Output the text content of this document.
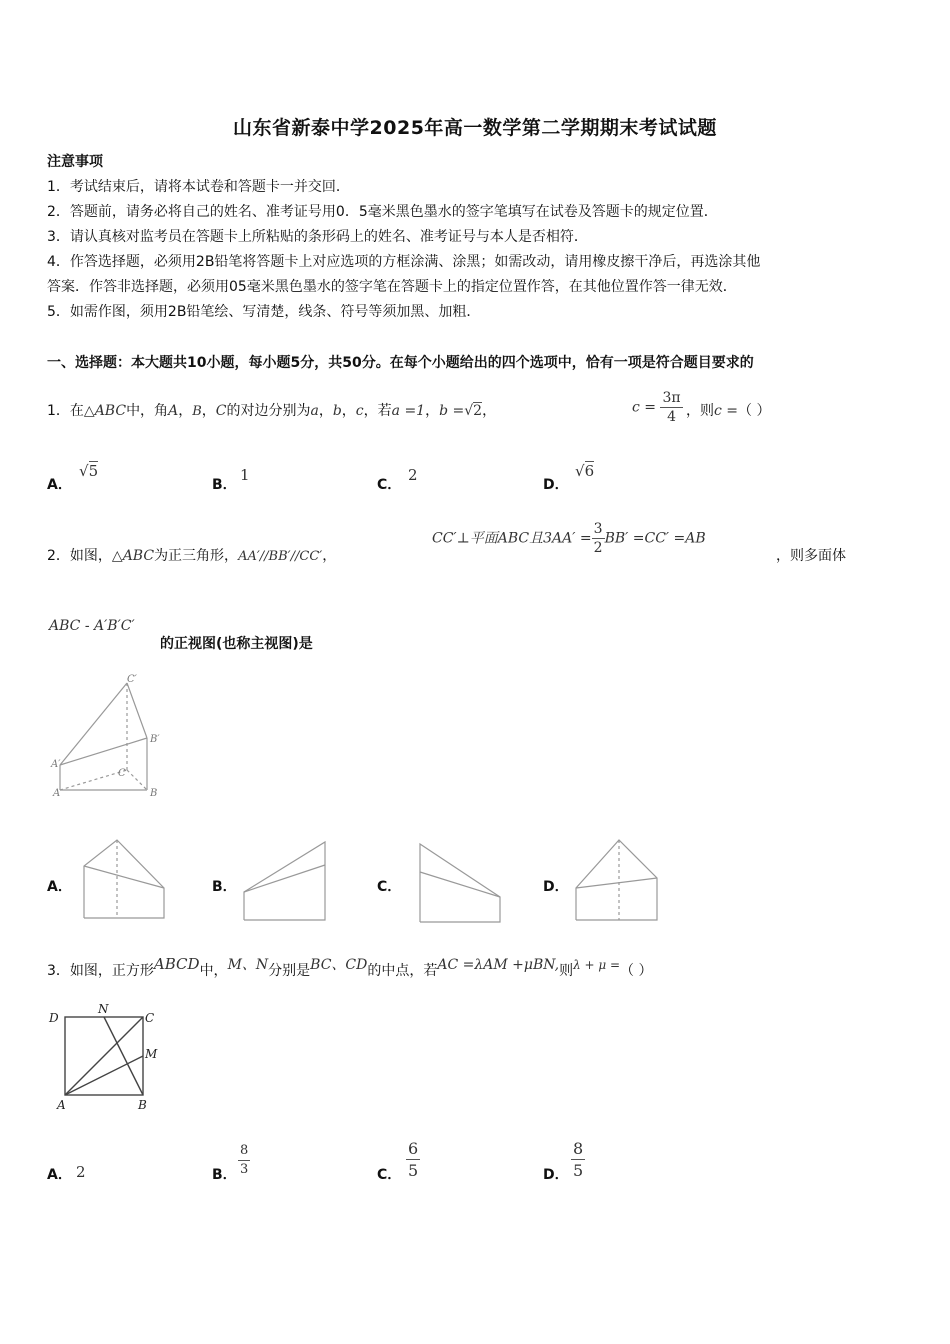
山东省新泰中学2025年高一数学第二学期期末考试试题
注意事项
1．考试结束后，请将本试卷和答题卡一并交回．
2．答题前，请务必将自己的姓名、准考证号用0．5毫米黑色墨水的签字笔填写在试卷及答题卡的规定位置．
3．请认真核对监考员在答题卡上所粘贴的条形码上的姓名、准考证号与本人是否相符．
4．作答选择题，必须用2B铅笔将答题卡上对应选项的方框涂满、涂黑；如需改动，请用橡皮擦干净后，再选涂其他
答案．作答非选择题，必须用05毫米黑色墨水的签字笔在答题卡上的指定位置作答，在其他位置作答一律无效．
5．如需作图，须用2B铅笔绘、写清楚，线条、符号等须加黑、加粗．
一、选择题：本大题共10小题，每小题5分，共50分。在每个小题给出的四个选项中，恰有一项是符合题目要求的
1．在△ABC中，角A，B，C的对边分别为a，b，c，若a =1，b =√2，	$c = \frac{3\pi}{4}$ ，则c =（ ）
A．
√5
B．
1
C．
2
D．
√6
2．如图，△ABC为正三角形，AA′//BB′//CC′，
CC′⊥平面ABC且$3AA' = \frac{3}{2} BB' =CC' =AB$
，则多面体
ABC - A′B′C′
的正视图(也称主视图)是
C′
B′
A′
C
A	B
A．	B．	C．	D．
3．如图，正方形ABCD中，M、N分别是BC、CD的中点，若AC =λAM +μBN,则λ + μ =（ ）
D
N
C
M
A	B
A． 2	B． $\frac{8}{3}$	C． $\frac{6}{5}$	D． $\frac{8}{5}$
